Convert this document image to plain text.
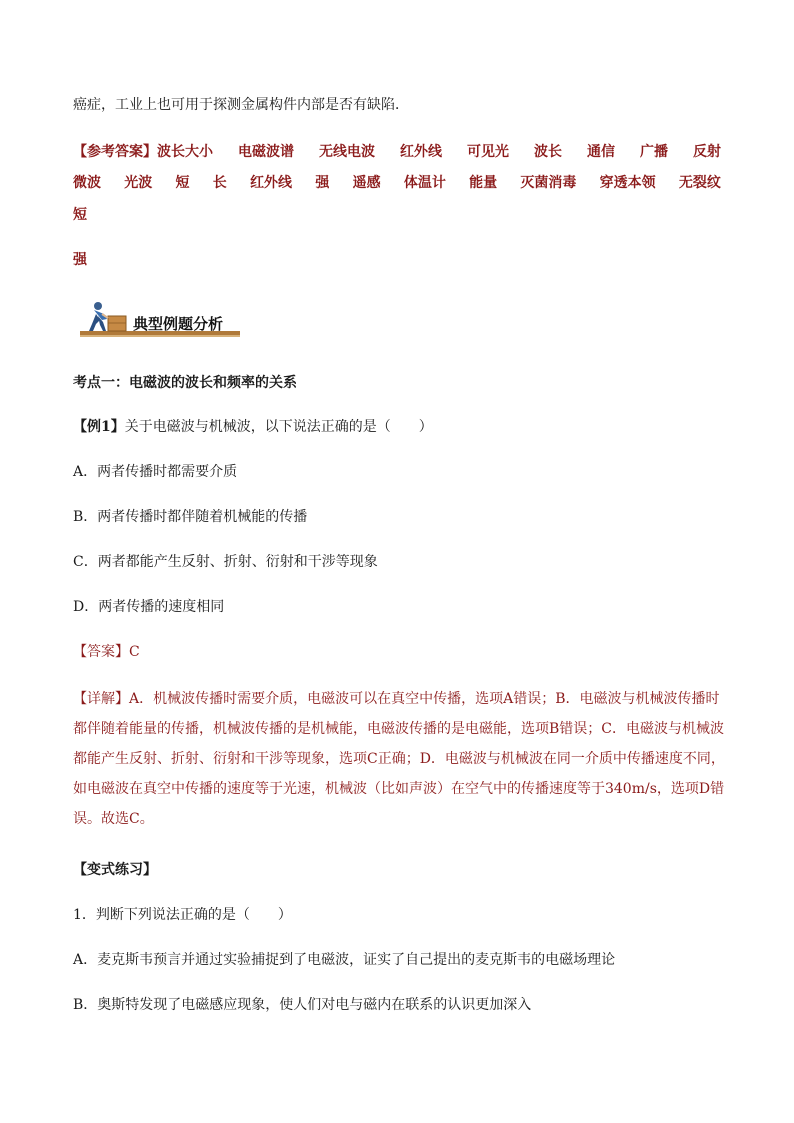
癌症，工业上也可用于探测金属构件内部是否有缺陷．
【参考答案】波长大小 电磁波谱 无线电波 红外线 可见光 波长 通信 广播 反射
微波 光波 短 长 红外线 强 遥感 体温计 能量 灭菌消毒 穿透本领 无裂纹
短
强
典型例题分析
考点一：电磁波的波长和频率的关系
【例1】关于电磁波与机械波，以下说法正确的是（　　）
A．两者传播时都需要介质
B．两者传播时都伴随着机械能的传播
C．两者都能产生反射、折射、衍射和干涉等现象
D．两者传播的速度相同
【答案】C
【详解】A．机械波传播时需要介质，电磁波可以在真空中传播，选项A错误；B．电磁波与机械波传播时
都伴随着能量的传播，机械波传播的是机械能，电磁波传播的是电磁能，选项B错误；C．电磁波与机械波
都能产生反射、折射、衍射和干涉等现象，选项C正确；D．电磁波与机械波在同一介质中传播速度不同，
如电磁波在真空中传播的速度等于光速，机械波（比如声波）在空气中的传播速度等于340m/s，选项D错
误。故选C。
【变式练习】
1．判断下列说法正确的是（　　）
A．麦克斯韦预言并通过实验捕捉到了电磁波，证实了自己提出的麦克斯韦的电磁场理论
B．奥斯特发现了电磁感应现象，使人们对电与磁内在联系的认识更加深入
